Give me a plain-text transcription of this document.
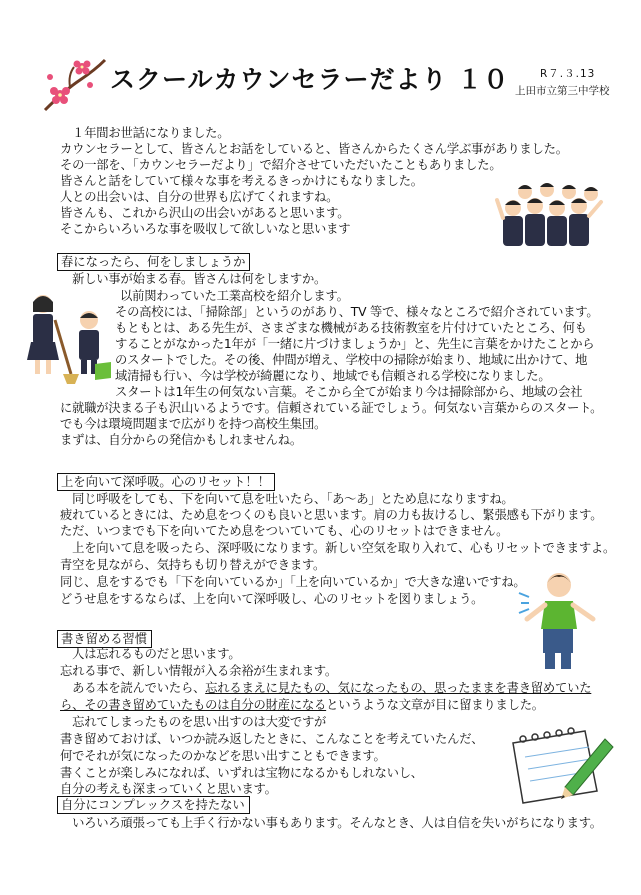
スクールカウンセラーだより １０	R７.３.13
上田市立第三中学校
　１年間お世話になりました。
カウンセラーとして、皆さんとお話をしていると、皆さんからたくさん学ぶ事がありました。
その一部を、「カウンセラーだより」で紹介させていただいたこともありました。
皆さんと話をしていて様々な事を考えるきっかけにもなりました。
人との出会いは、自分の世界も広げてくれますね。
皆さんも、これから沢山の出会いがあると思います。
そこからいろいろな事を吸収して欲しいなと思います
春になったら、何をしましょうか
　新しい事が始まる春。皆さんは何をしますか。
以前関わっていた工業高校を紹介します。
その高校には、「掃除部」というのがあり、TV 等で、様々なところで紹介されています。
もともとは、ある先生が、さまざまな機械がある技術教室を片付けていたところ、何も
することがなかった1年が「一緒に片づけましょうか」と、先生に言葉をかけたことから
のスタートでした。その後、仲間が増え、学校中の掃除が始まり、地域に出かけて、地
域清掃も行い、今は学校が綺麗になり、地域でも信頼される学校になりました。
スタートは1年生の何気ない言葉。そこから全てが始まり今は掃除部から、地域の会社
に就職が決まる子も沢山いるようです。信頼されている証でしょう。何気ない言葉からのスタート。
でも今は環境問題まで広がりを持つ高校生集団。
まずは、自分からの発信かもしれませんね。
上を向いて深呼吸。心のリセット！！
　同じ呼吸をしても、下を向いて息を吐いたら、「あ～あ」とため息になりますね。
疲れているときには、ため息をつくのも良いと思います。肩の力も抜けるし、緊張感も下がります。
ただ、いつまでも下を向いてため息をついていても、心のリセットはできません。
　上を向いて息を吸ったら、深呼吸になります。新しい空気を取り入れて、心もリセットできますよ。
青空を見ながら、気持ちも切り替えができます。
同じ、息をするでも「下を向いているか」「上を向いているか」で大きな違いですね。
どうせ息をするならば、上を向いて深呼吸し、心のリセットを図りましょう。
書き留める習慣
　人は忘れるものだと思います。
忘れる事で、新しい情報が入る余裕が生まれます。
　ある本を読んでいたら、忘れるまえに見たもの、気になったもの、思ったままを書き留めていた
ら、その書き留めていたものは自分の財産になるというような文章が目に留まりました。
　忘れてしまったものを思い出すのは大変ですが
書き留めておけば、いつか読み返したときに、こんなことを考えていたんだ、
何でそれが気になったのかなどを思い出すこともできます。
書くことが楽しみになれば、いずれは宝物になるかもしれないし、
自分の考えも深まっていくと思います。
自分にコンプレックスを持たない
　いろいろ頑張っても上手く行かない事もあります。そんなとき、人は自信を失いがちになります。
